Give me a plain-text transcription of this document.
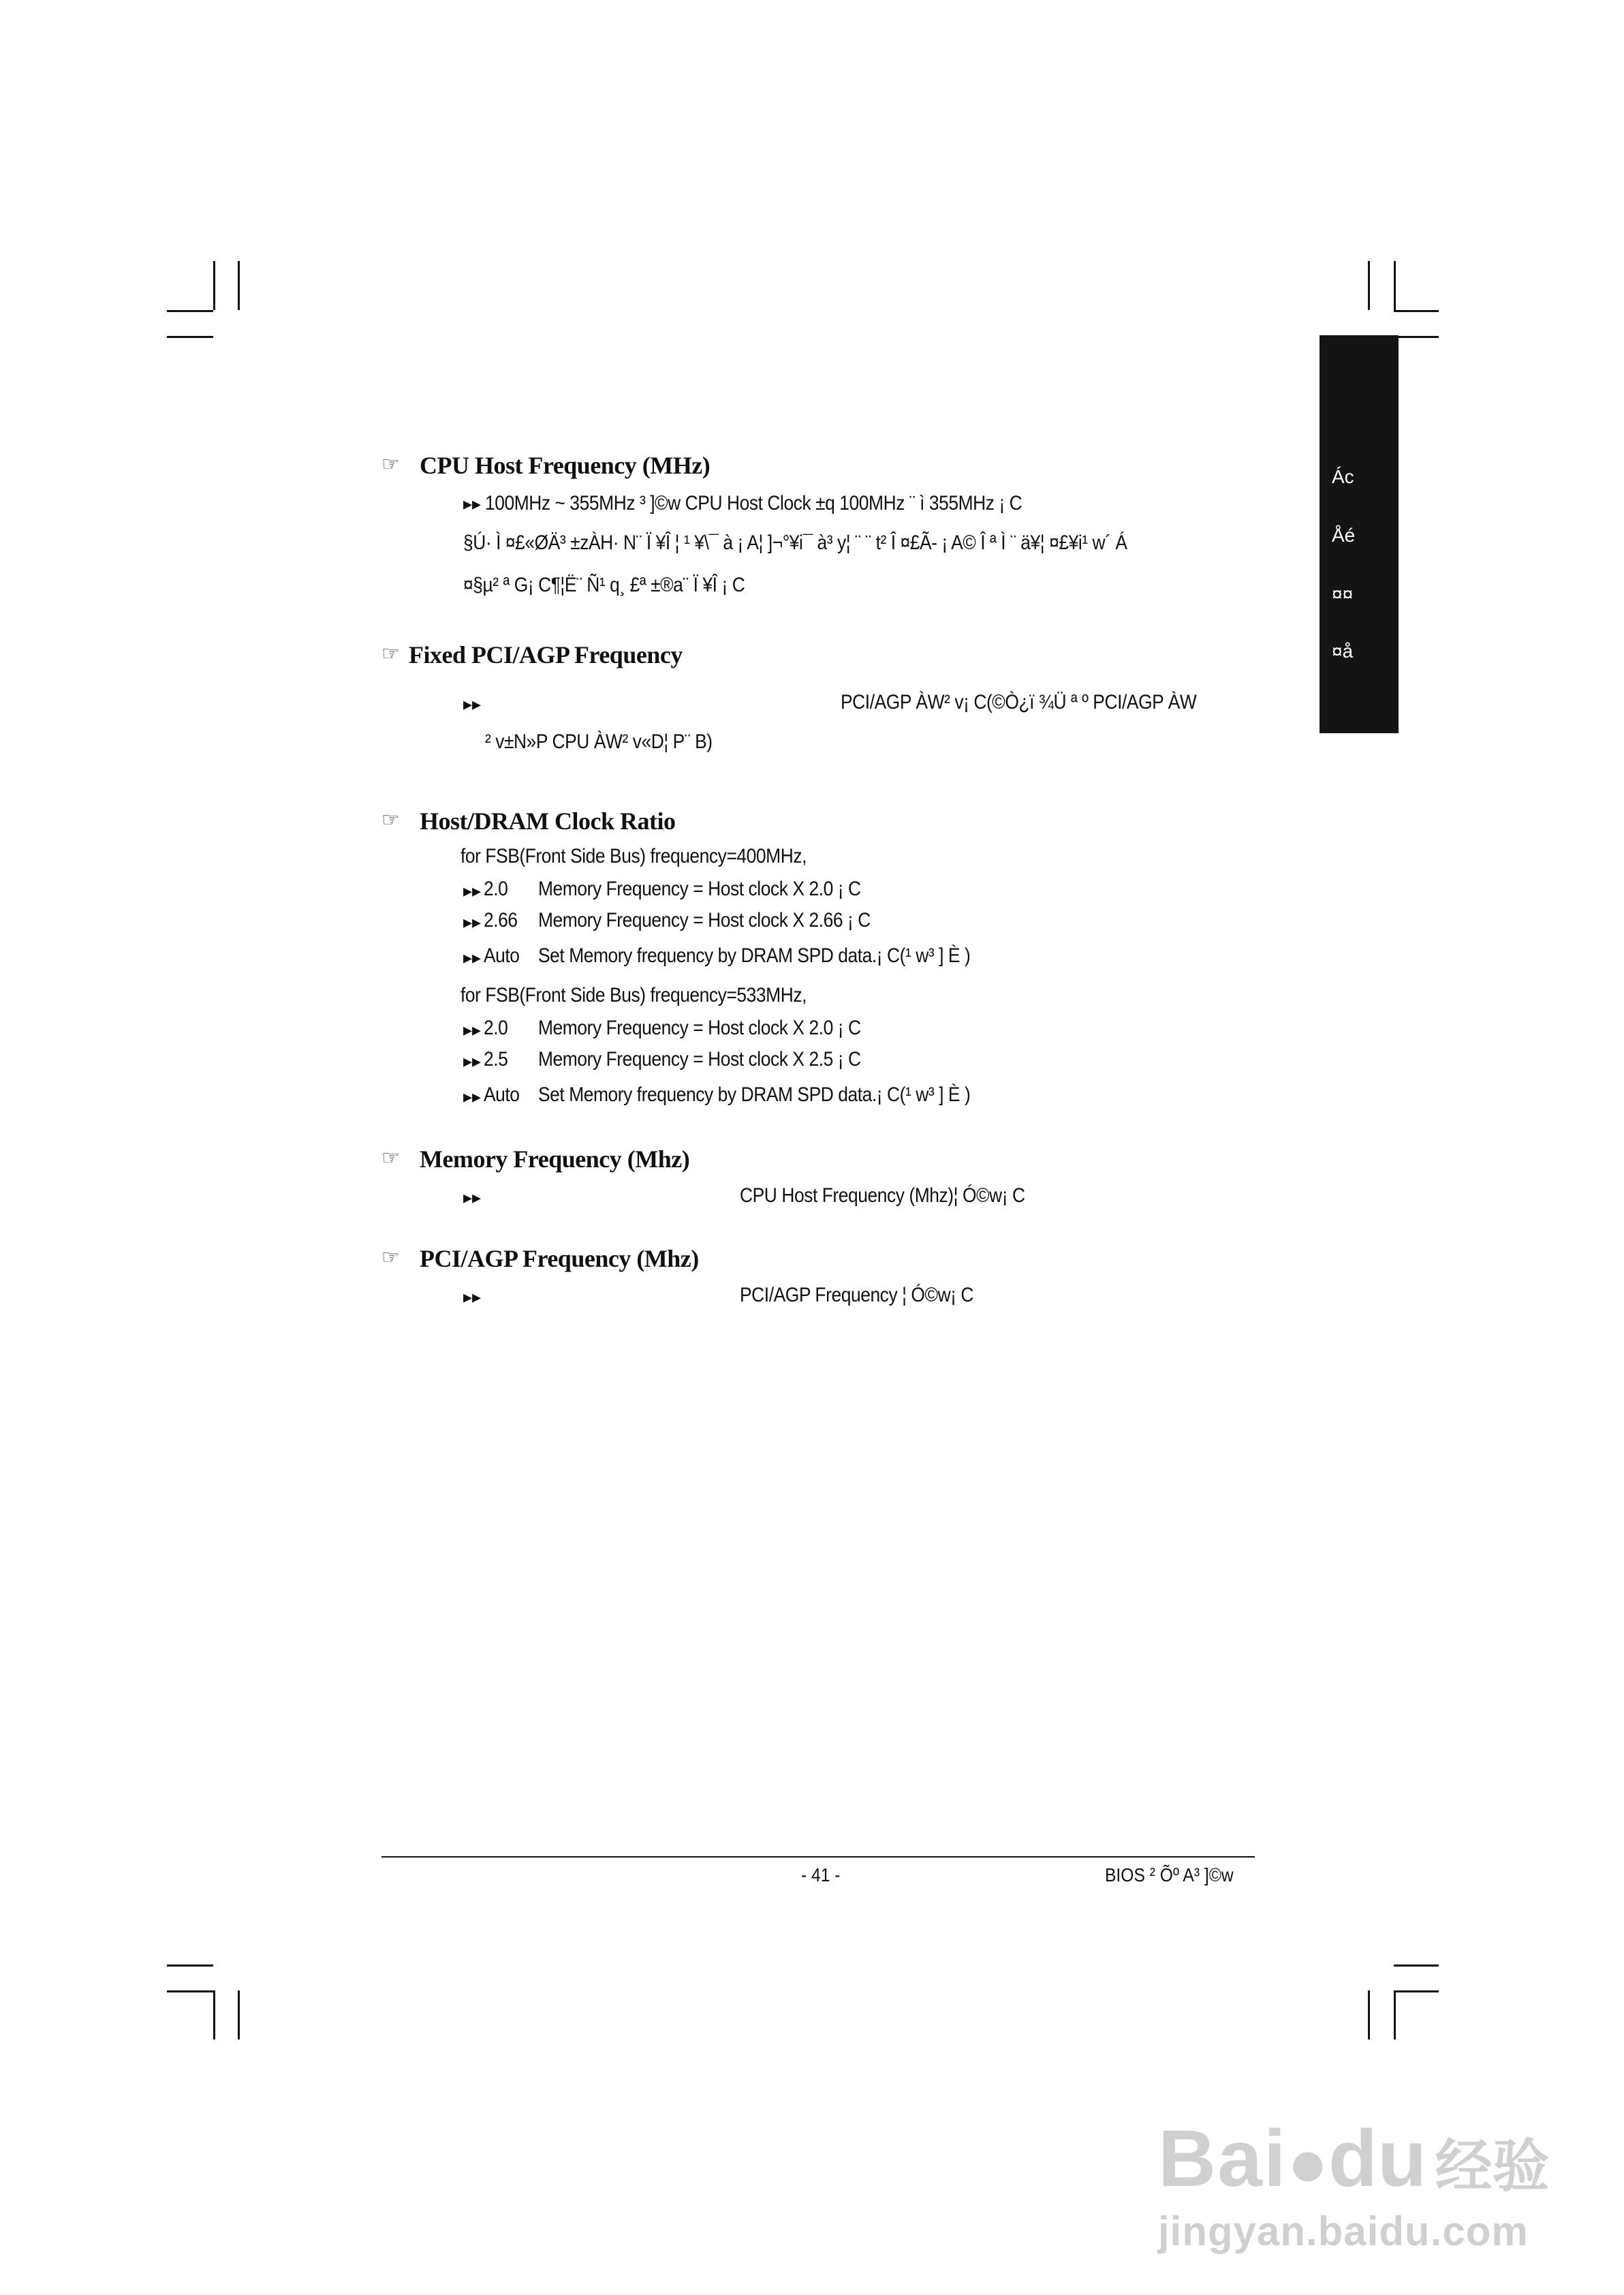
Ác
Åé
¤¤
¤å
☞ CPU Host Frequency (MHz)
▸▸ 100MHz ~ 355MHz ³ ]©w CPU Host Clock ±q 100MHz ¨ ì 355MHz ¡ C
§Ú· Ì ¤£«ØÄ³ ±zÀH· N¨ Ï ¥Î ¦ ¹ ¥\¯ à ¡ A¦ ]¬°¥i¯ à³ y¦ ¨ ¨ t² Î ¤£Ã- ¡ A© Î ª Ì ¨ ä¥¦ ¤£¥i¹ w´ Á
¤§µ² ª G¡ C¶¦Ë¨ Ñ¹ q¸ £ª ±®a¨ Ï ¥Î ¡ C
☞ Fixed PCI/AGP Frequency
▸▸	PCI/AGP ÀW² v¡ C(©Ò¿ï ¾Ü ª º PCI/AGP ÀW
² v±N»P CPU ÀW² v«D¦ P¨ B)
☞ Host/DRAM Clock Ratio
for FSB(Front Side Bus) frequency=400MHz,
▸▸ 2.0 Memory Frequency = Host clock X 2.0 ¡ C
▸▸ 2.66 Memory Frequency = Host clock X 2.66 ¡ C
▸▸ Auto Set Memory frequency by DRAM SPD data.¡ C(¹ w³ ] È )
for FSB(Front Side Bus) frequency=533MHz,
▸▸ 2.0 Memory Frequency = Host clock X 2.0 ¡ C
▸▸ 2.5 Memory Frequency = Host clock X 2.5 ¡ C
▸▸ Auto Set Memory frequency by DRAM SPD data.¡ C(¹ w³ ] È )
☞ Memory Frequency (Mhz)
▸▸	CPU Host Frequency (Mhz)¦ Ó©w¡ C
☞ PCI/AGP Frequency (Mhz)
▸▸	PCI/AGP Frequency ¦ Ó©w¡ C
- 41 -	BIOS ² Õº A³ ]©w
Bai●du 经验
jingyan.baidu.com
